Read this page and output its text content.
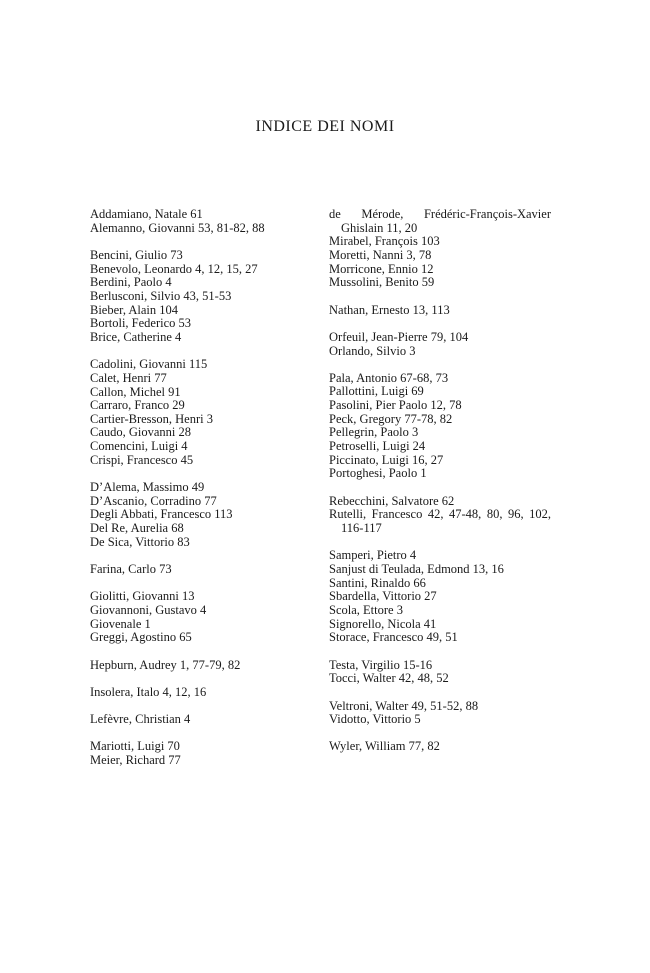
INDICE DEI NOMI
Addamiano, Natale 61
Alemanno, Giovanni 53, 81-82, 88
Bencini, Giulio 73
Benevolo, Leonardo 4, 12, 15, 27
Berdini, Paolo 4
Berlusconi, Silvio 43, 51-53
Bieber, Alain 104
Bortoli, Federico 53
Brice, Catherine 4
Cadolini, Giovanni 115
Calet, Henri 77
Callon, Michel 91
Carraro, Franco 29
Cartier-Bresson, Henri 3
Caudo, Giovanni 28
Comencini, Luigi 4
Crispi, Francesco 45
D’Alema, Massimo 49
D’Ascanio, Corradino 77
Degli Abbati, Francesco 113
Del Re, Aurelia 68
De Sica, Vittorio 83
Farina, Carlo 73
Giolitti, Giovanni 13
Giovannoni, Gustavo 4
Giovenale 1
Greggi, Agostino 65
Hepburn, Audrey 1, 77-79, 82
Insolera, Italo 4, 12, 16
Lefèvre, Christian 4
Mariotti, Luigi 70
Meier, Richard 77
de Mérode, Frédéric-François-Xavier Ghislain 11, 20
Mirabel, François 103
Moretti, Nanni 3, 78
Morricone, Ennio 12
Mussolini, Benito 59
Nathan, Ernesto 13, 113
Orfeuil, Jean-Pierre 79, 104
Orlando, Silvio 3
Pala, Antonio 67-68, 73
Pallottini, Luigi 69
Pasolini, Pier Paolo 12, 78
Peck, Gregory 77-78, 82
Pellegrin, Paolo 3
Petroselli, Luigi 24
Piccinato, Luigi 16, 27
Portoghesi, Paolo 1
Rebecchini, Salvatore 62
Rutelli, Francesco 42, 47-48, 80, 96, 102, 116-117
Samperi, Pietro 4
Sanjust di Teulada, Edmond 13, 16
Santini, Rinaldo 66
Sbardella, Vittorio 27
Scola, Ettore 3
Signorello, Nicola 41
Storace, Francesco 49, 51
Testa, Virgilio 15-16
Tocci, Walter 42, 48, 52
Veltroni, Walter 49, 51-52, 88
Vidotto, Vittorio 5
Wyler, William 77, 82
